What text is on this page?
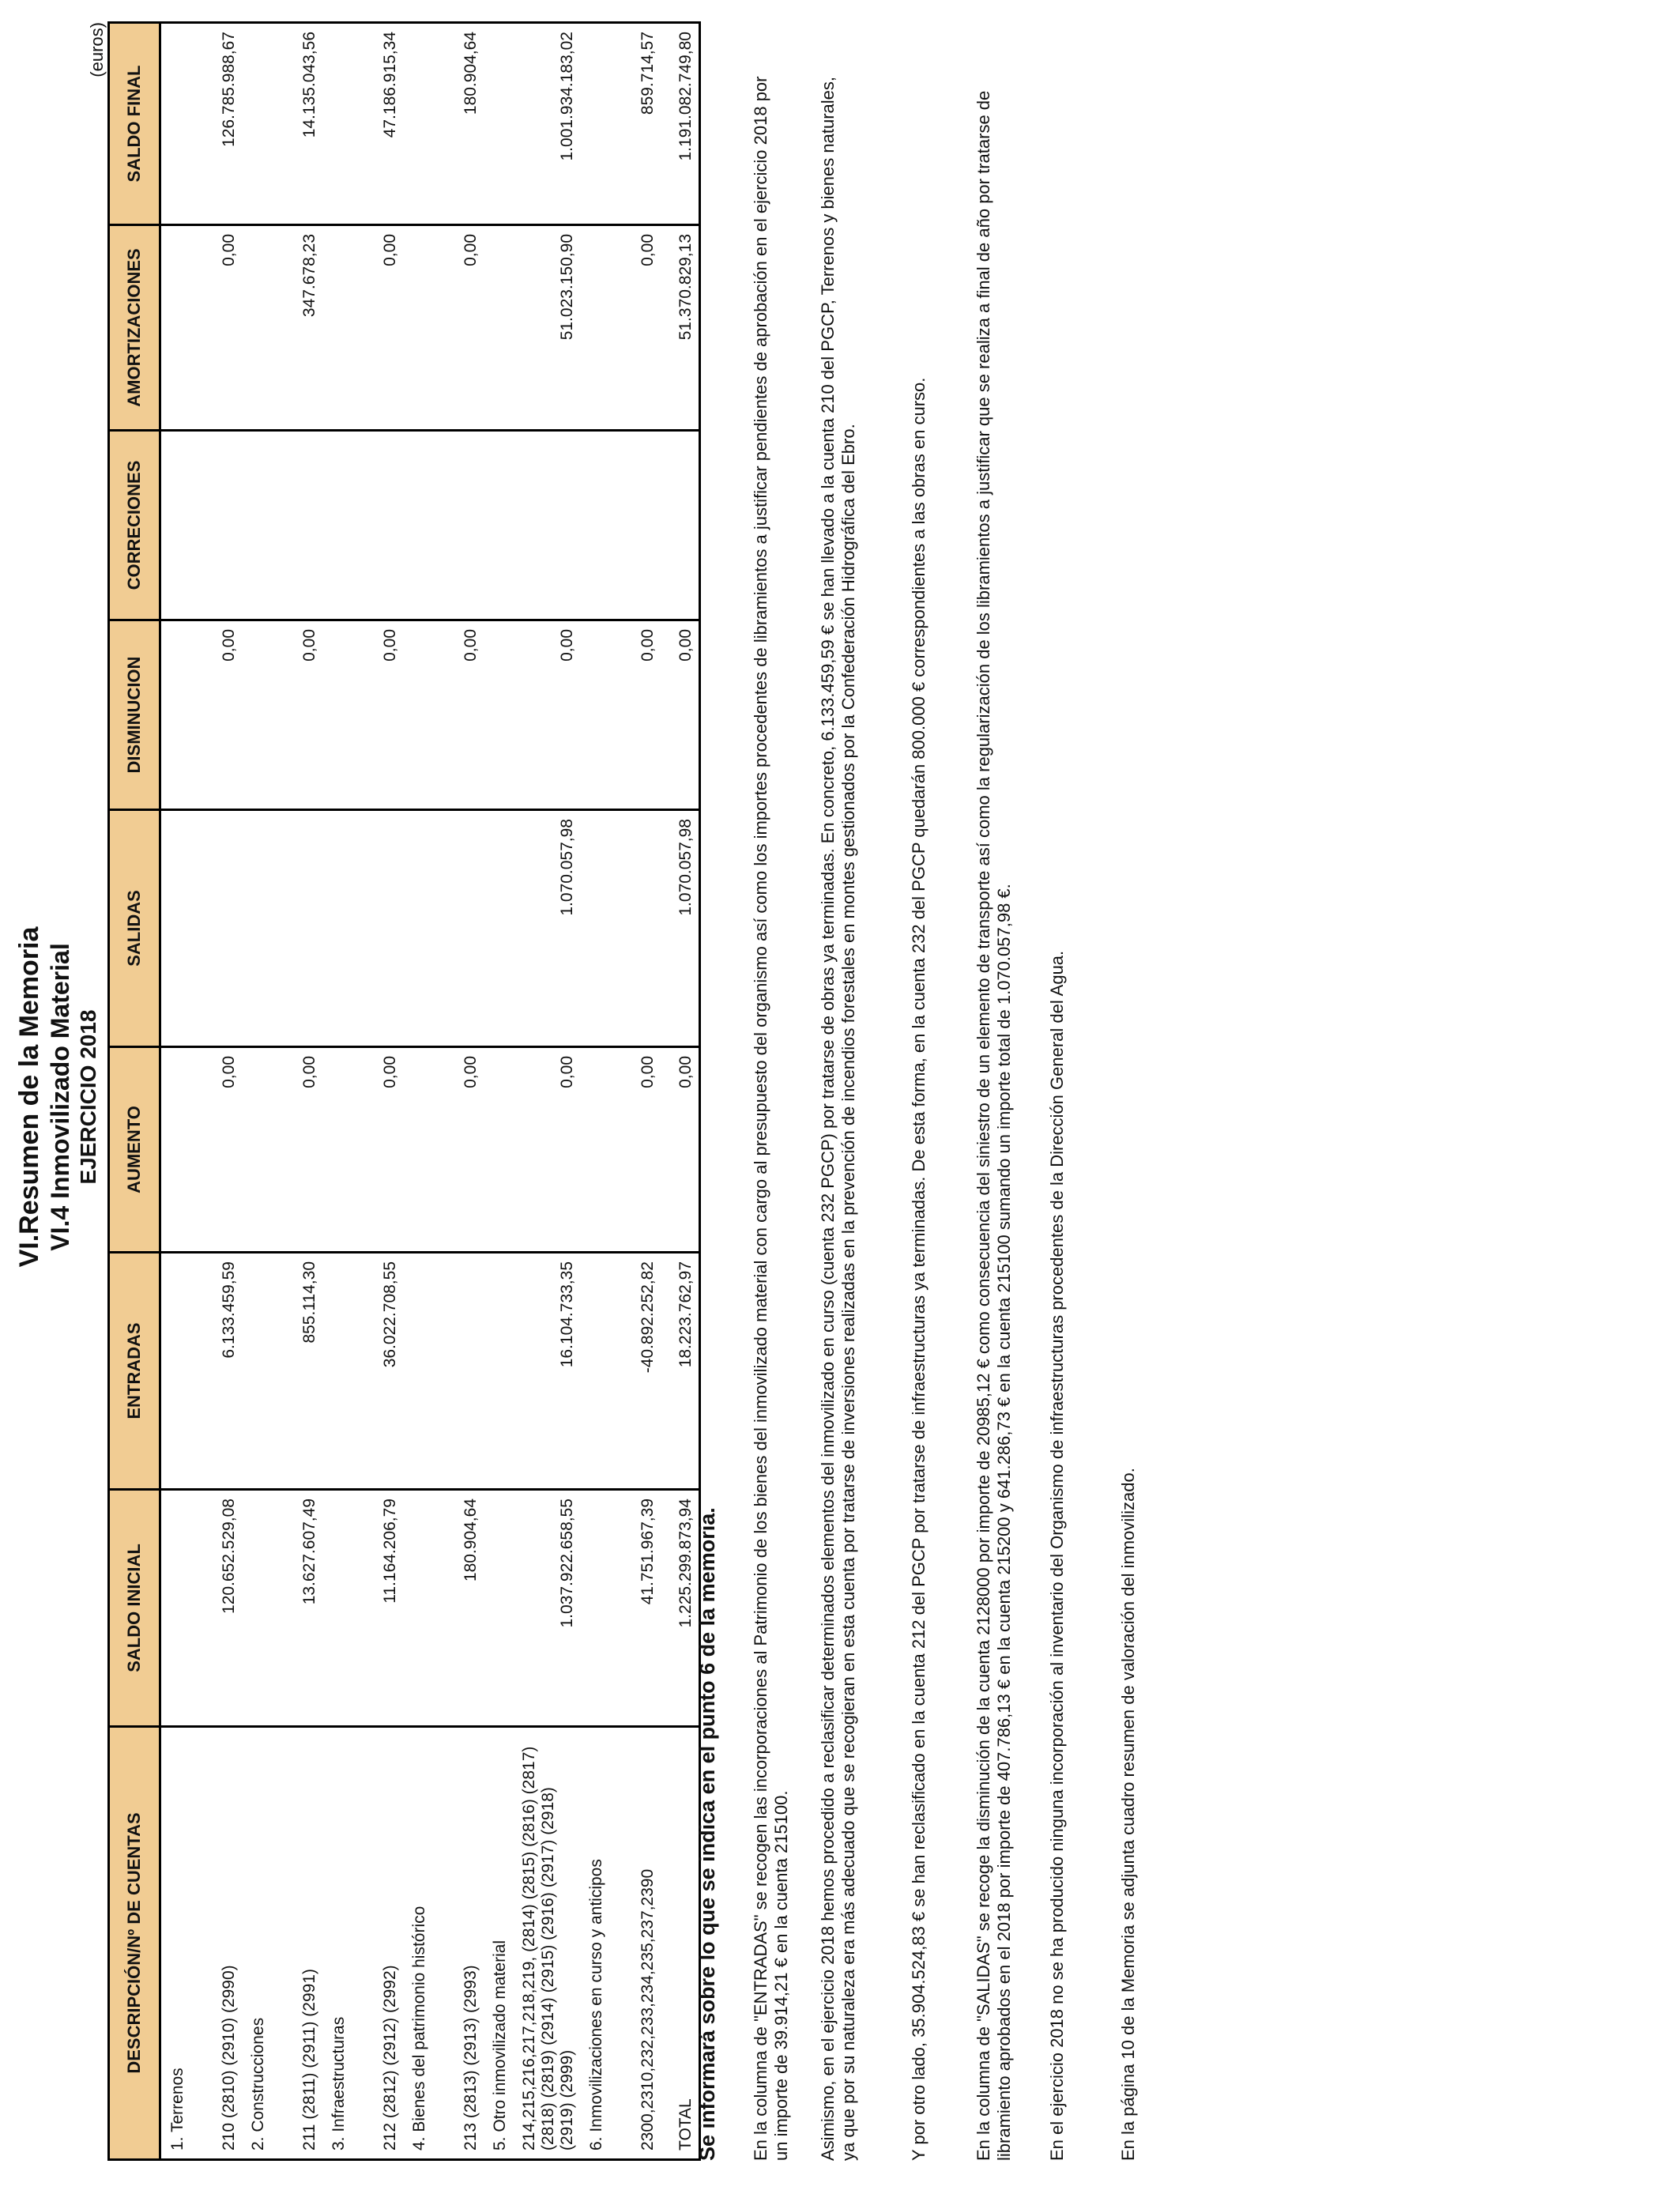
VI.Resumen de la Memoria VI.4 Inmovilizado Material EJERCICIO 2018
(euros)
DESCRIPCIÓN/Nº DE CUENTAS	SALDO INICIAL	ENTRADAS	AUMENTO	SALIDAS	DISMINUCION	CORRECIONES	AMORTIZACIONES	SALDO FINAL
1. Terrenos								
210 (2810) (2910) (2990)	120.652.529,08	6.133.459,59	0,00		0,00		0,00	126.785.988,67
2. Construcciones								
211 (2811) (2911) (2991)	13.627.607,49	855.114,30	0,00		0,00		347.678,23	14.135.043,56
3. Infraestructuras								
212 (2812) (2912) (2992)	11.164.206,79	36.022.708,55	0,00		0,00		0,00	47.186.915,34
4. Bienes del patrimonio histórico								
213 (2813) (2913) (2993)	180.904,64		0,00		0,00		0,00	180.904,64
5. Otro inmovilizado material								
214,215,216,217,218,219, (2814) (2815) (2816) (2817) (2818) (2819) (2914) (2915) (2916) (2917) (2918) (2919) (2999)	1.037.922.658,55	16.104.733,35	0,00	1.070.057,98	0,00		51.023.150,90	1.001.934.183,02
6. Inmovilizaciones en curso y anticipos								
2300,2310,232,233,234,235,237,2390	41.751.967,39	-40.892.252,82	0,00		0,00		0,00	859.714,57
TOTAL	1.225.299.873,94	18.223.762,97	0,00	1.070.057,98	0,00		51.370.829,13	1.191.082.749,80
Se informará sobre lo que se indica en el punto 6 de la memoria. En la columna de "ENTRADAS" se recogen las incorporaciones al Patrimonio de los bienes del inmovilizado material con cargo al presupuesto del organismo así como los importes procedentes de libramientos a justificar pendientes de aprobación en el ejercicio 2018 por un importe de 39.914,21 € en la cuenta 215100. Asimismo, en el ejercicio 2018 hemos procedido a reclasificar determinados elementos del inmovilizado en curso (cuenta 232 PGCP) por tratarse de obras ya terminadas. En concreto, 6.133.459,59 € se han llevado a la cuenta 210 del PGCP, Terrenos y bienes naturales, ya que por su naturaleza era más adecuado que se recogieran en esta cuenta por tratarse de inversiones realizadas en la prevención de incendios forestales en montes gestionados por la Confederación Hidrográfica del Ebro.	Y por otro lado, 35.904.524,83 € se han reclasificado en la cuenta 212 del PGCP por tratarse de infraestructuras ya terminadas. De esta forma, en la cuenta 232 del PGCP quedarán 800.000 € correspondientes a las obras en curso.	En la columna de "SALIDAS" se recoge la disminución de la cuenta 2128000 por importe de 20985,12 € como consecuencia del siniestro de un elemento de transporte así como la regularización de los libramientos a justificar que se realiza a final de año por tratarse de libramiento aprobados en el 2018 por importe de 407.786,13 € en la cuenta 215200 y 641.286,73 € en la cuenta 215100 sumando un importe total de 1.070.057,98 €. En el ejercicio 2018 no se ha producido ninguna incorporación al inventario del Organismo de infraestructuras procedentes de la Dirección General del Agua.	En la página 10 de la Memoria se adjunta cuadro resumen de valoración del inmovilizado.
